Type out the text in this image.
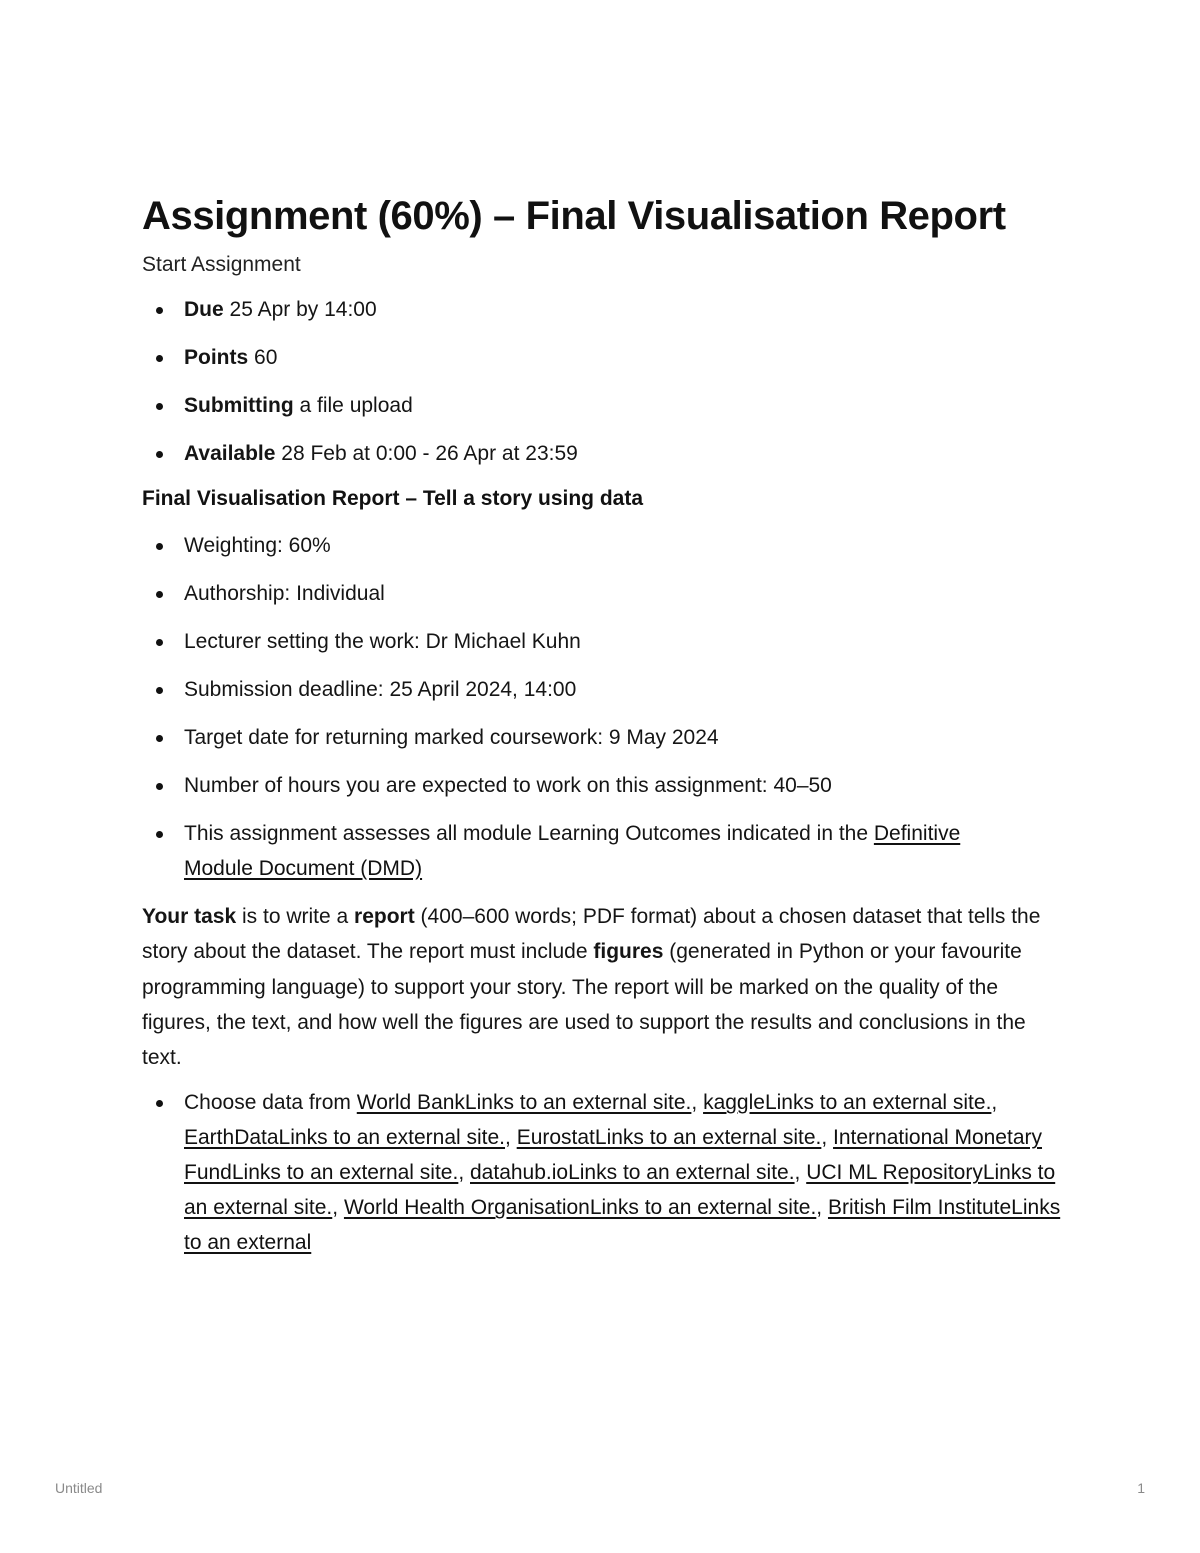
Assignment (60%) – Final Visualisation Report
Start Assignment
Due 25 Apr by 14:00
Points 60
Submitting a file upload
Available 28 Feb at 0:00 - 26 Apr at 23:59
Final Visualisation Report – Tell a story using data
Weighting: 60%
Authorship: Individual
Lecturer setting the work: Dr Michael Kuhn
Submission deadline: 25 April 2024, 14:00
Target date for returning marked coursework: 9 May 2024
Number of hours you are expected to work on this assignment: 40–50
This assignment assesses all module Learning Outcomes indicated in the Definitive Module Document (DMD)

Your task is to write a report (400–600 words; PDF format) about a chosen dataset that tells the story about the dataset. The report must include figures (generated in Python or your favourite programming language) to support your story. The report will be marked on the quality of the figures, the text, and how well the figures are used to support the results and conclusions in the text.

Choose data from World BankLinks to an external site., kaggleLinks to an external site., EarthDataLinks to an external site., EurostatLinks to an external site., International Monetary FundLinks to an external site., datahub.ioLinks to an external site., UCI ML RepositoryLinks to an external site., World Health OrganisationLinks to an external site., British Film InstituteLinks to an external
Untitled	1
